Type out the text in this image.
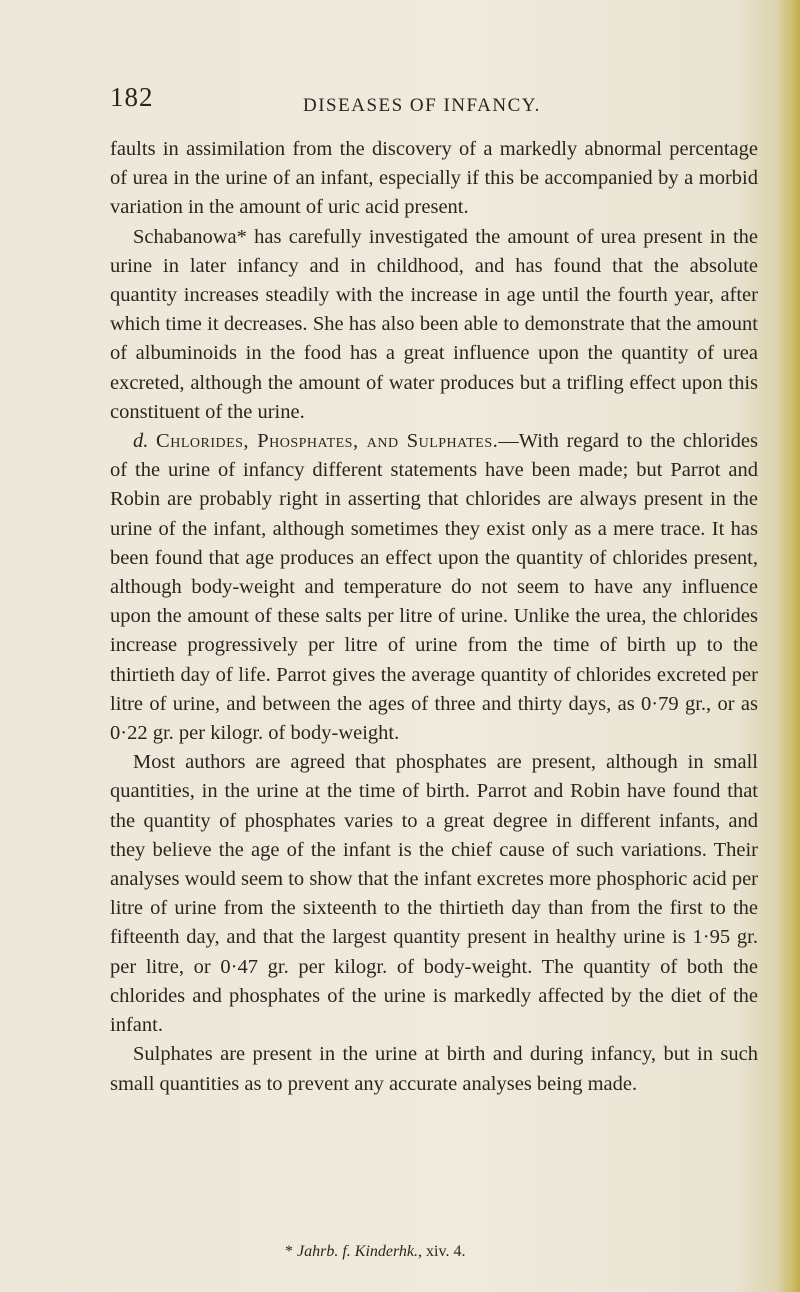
182	DISEASES OF INFANCY.

faults in assimilation from the discovery of a markedly abnormal percentage of urea in the urine of an infant, especially if this be accompanied by a morbid variation in the amount of uric acid present.

Schabanowa* has carefully investigated the amount of urea present in the urine in later infancy and in childhood, and has found that the absolute quantity increases steadily with the increase in age until the fourth year, after which time it decreases. She has also been able to demonstrate that the amount of albuminoids in the food has a great influence upon the quantity of urea excreted, although the amount of water produces but a trifling effect upon this constituent of the urine.

d. Chlorides, Phosphates, and Sulphates.—With regard to the chlorides of the urine of infancy different statements have been made; but Parrot and Robin are probably right in asserting that chlorides are always present in the urine of the infant, although sometimes they exist only as a mere trace. It has been found that age produces an effect upon the quantity of chlorides present, although body-weight and temperature do not seem to have any influence upon the amount of these salts per litre of urine. Unlike the urea, the chlorides increase progressively per litre of urine from the time of birth up to the thirtieth day of life. Parrot gives the average quantity of chlorides excreted per litre of urine, and between the ages of three and thirty days, as 0·79 gr., or as 0·22 gr. per kilogr. of body-weight.

Most authors are agreed that phosphates are present, although in small quantities, in the urine at the time of birth. Parrot and Robin have found that the quantity of phosphates varies to a great degree in different infants, and they believe the age of the infant is the chief cause of such variations. Their analyses would seem to show that the infant excretes more phosphoric acid per litre of urine from the sixteenth to the thirtieth day than from the first to the fifteenth day, and that the largest quantity present in healthy urine is 1·95 gr. per litre, or 0·47 gr. per kilogr. of body-weight. The quantity of both the chlorides and phosphates of the urine is markedly affected by the diet of the infant.

Sulphates are present in the urine at birth and during infancy, but in such small quantities as to prevent any accurate analyses being made.

* Jahrb. f. Kinderhk., xiv. 4.
